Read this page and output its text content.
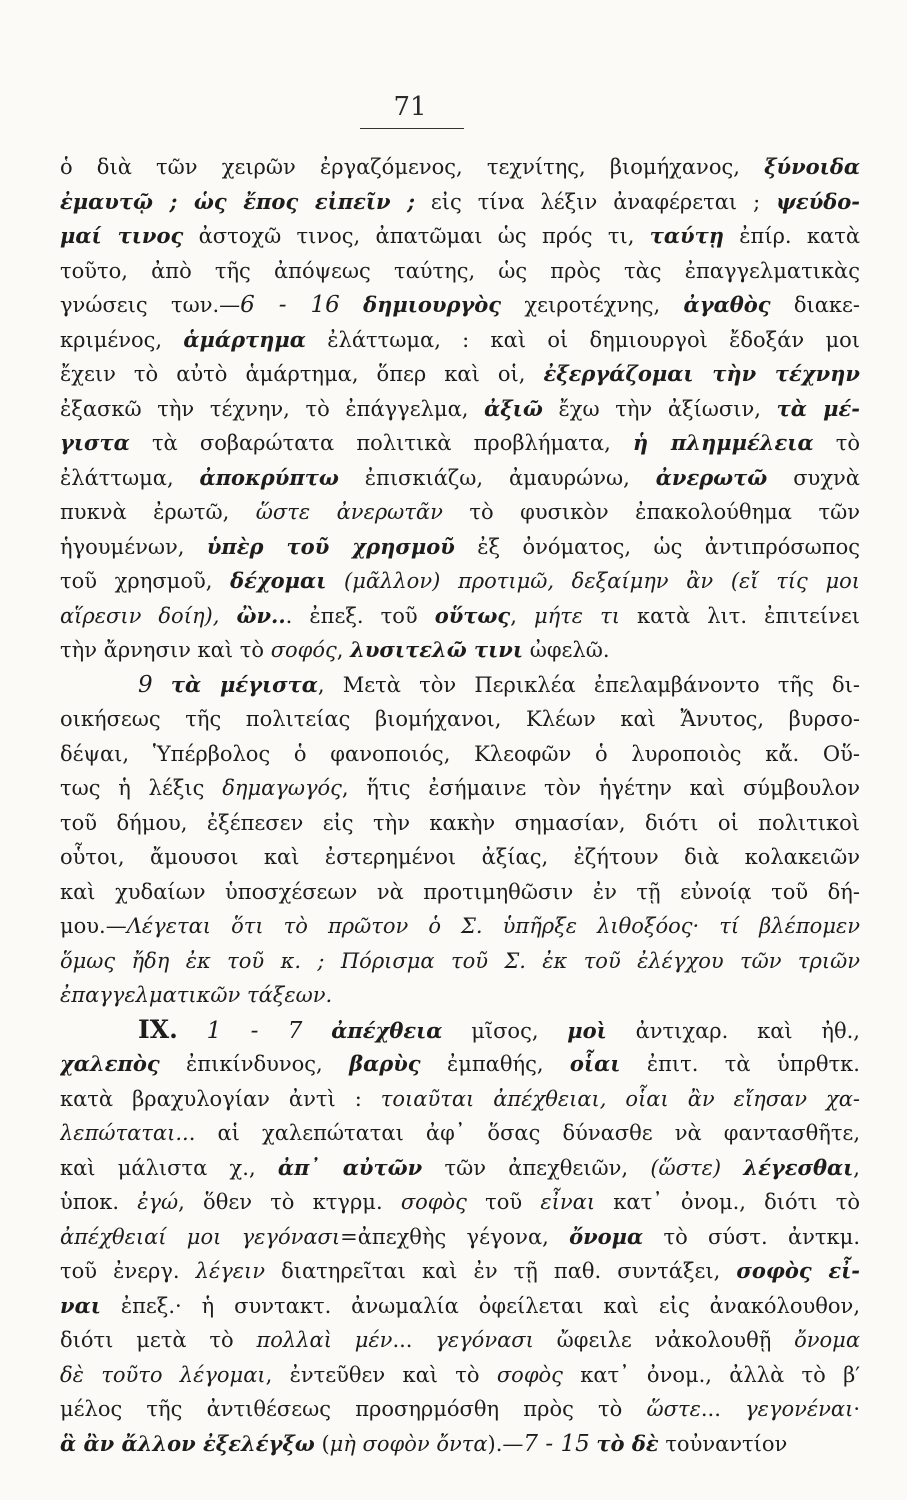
71
ὁ διὰ τῶν χειρῶν ἐργαζόμενος, τεχνίτης, βιομήχανος, ξύνοιδα
ἐμαυτῷ ; ὡς ἔπος εἰπεῖν ; εἰς τίνα λέξιν ἀναφέρεται ; ψεύδο-
μαί τινος ἀστοχῶ τινος, ἀπατῶμαι ὡς πρός τι, ταύτῃ ἐπίρ. κατὰ
τοῦτο, ἀπὸ τῆς ἀπόψεως ταύτης, ὡς πρὸς τὰς ἐπαγγελματικὰς
γνώσεις των.—6 - 16 δημιουργὸς χειροτέχνης, ἀγαθὸς διακε-
κριμένος, ἁμάρτημα ἐλάττωμα, : καὶ οἱ δημιουργοὶ ἔδοξάν μοι
ἔχειν τὸ αὐτὸ ἁμάρτημα, ὅπερ καὶ οἱ, ἐξεργάζομαι τὴν τέχνην
ἐξασκῶ τὴν τέχνην, τὸ ἐπάγγελμα, ἀξιῶ ἔχω τὴν ἀξίωσιν, τὰ μέ-
γιστα τὰ σοβαρώτατα πολιτικὰ προβλήματα, ἡ πλημμέλεια τὸ
ἐλάττωμα, ἀποκρύπτω ἐπισκιάζω, ἀμαυρώνω, ἀνερωτῶ συχνὰ
πυκνὰ ἐρωτῶ, ὥστε ἀνερωτᾶν τὸ φυσικὸν ἐπακολούθημα τῶν
ἡγουμένων, ὑπὲρ τοῦ χρησμοῦ ἐξ ὀνόματος, ὡς ἀντιπρόσωπος
τοῦ χρησμοῦ, δέχομαι (μᾶλλον) προτιμῶ, δεξαίμην ἂν (εἴ τίς μοι
αἵρεσιν δοίη), ὢν... ἐπεξ. τοῦ οὕτως, μήτε τι κατὰ λιτ. ἐπιτείνει
τὴν ἄρνησιν καὶ τὸ σοφός, λυσιτελῶ τινι ὠφελῶ.
9 τὰ μέγιστα, Μετὰ τὸν Περικλέα ἐπελαμβάνοντο τῆς δι-
οικήσεως τῆς πολιτείας βιομήχανοι, Κλέων καὶ Ἄνυτος, βυρσο-
δέψαι, Ὑπέρβολος ὁ φανοποιός, Κλεοφῶν ὁ λυροποιὸς κἄ. Οὕ-
τως ἡ λέξις δημαγωγός, ἥτις ἐσήμαινε τὸν ἡγέτην καὶ σύμβουλον
τοῦ δήμου, ἐξέπεσεν εἰς τὴν κακὴν σημασίαν, διότι οἱ πολιτικοὶ
οὗτοι, ἄμουσοι καὶ ἐστερημένοι ἀξίας, ἐζήτουν διὰ κολακειῶν
καὶ χυδαίων ὑποσχέσεων νὰ προτιμηθῶσιν ἐν τῇ εὐνοίᾳ τοῦ δή-
μου.—Λέγεται ὅτι τὸ πρῶτον ὁ Σ. ὑπῆρξε λιθοξόος· τί βλέπομεν
ὅμως ἤδη ἐκ τοῦ κ. ; Πόρισμα τοῦ Σ. ἐκ τοῦ ἐλέγχου τῶν τριῶν
ἐπαγγελματικῶν τάξεων.
IX. 1 - 7 ἀπέχθεια μῖσος, μοὶ ἀντιχαρ. καὶ ἠθ.,
χαλεπὸς ἐπικίνδυνος, βαρὺς ἐμπαθής, οἷαι ἐπιτ. τὰ ὑπρθτκ.
κατὰ βραχυλογίαν ἀντὶ : τοιαῦται ἀπέχθειαι, οἷαι ἂν εἴησαν χα-
λεπώταται... αἱ χαλεπώταται ἀφ᾽ ὅσας δύνασθε νὰ φαντασθῆτε,
καὶ μάλιστα χ., ἀπ᾽ αὐτῶν τῶν ἀπεχθειῶν, (ὥστε) λέγεσθαι,
ὑποκ. ἐγώ, ὅθεν τὸ κτγρμ. σοφὸς τοῦ εἶναι κατ᾽ ὀνομ., διότι τὸ
ἀπέχθειαί μοι γεγόνασι=ἀπεχθὴς γέγονα, ὄνομα τὸ σύστ. ἀντκμ.
τοῦ ἐνεργ. λέγειν διατηρεῖται καὶ ἐν τῇ παθ. συντάξει, σοφὸς εἶ-
ναι ἐπεξ.· ἡ συντακτ. ἀνωμαλία ὀφείλεται καὶ εἰς ἀνακόλουθον,
διότι μετὰ τὸ πολλαὶ μέν... γεγόνασι ὤφειλε νἀκολουθῇ ὄνομα
δὲ τοῦτο λέγομαι, ἐντεῦθεν καὶ τὸ σοφὸς κατ᾽ ὀνομ., ἀλλὰ τὸ β′
μέλος τῆς ἀντιθέσεως προσηρμόσθη πρὸς τὸ ὥστε... γεγονέναι·
ἃ ἂν ἄλλον ἐξελέγξω (μὴ σοφὸν ὄντα).—7 - 15 τὸ δὲ τοὐναντίον
